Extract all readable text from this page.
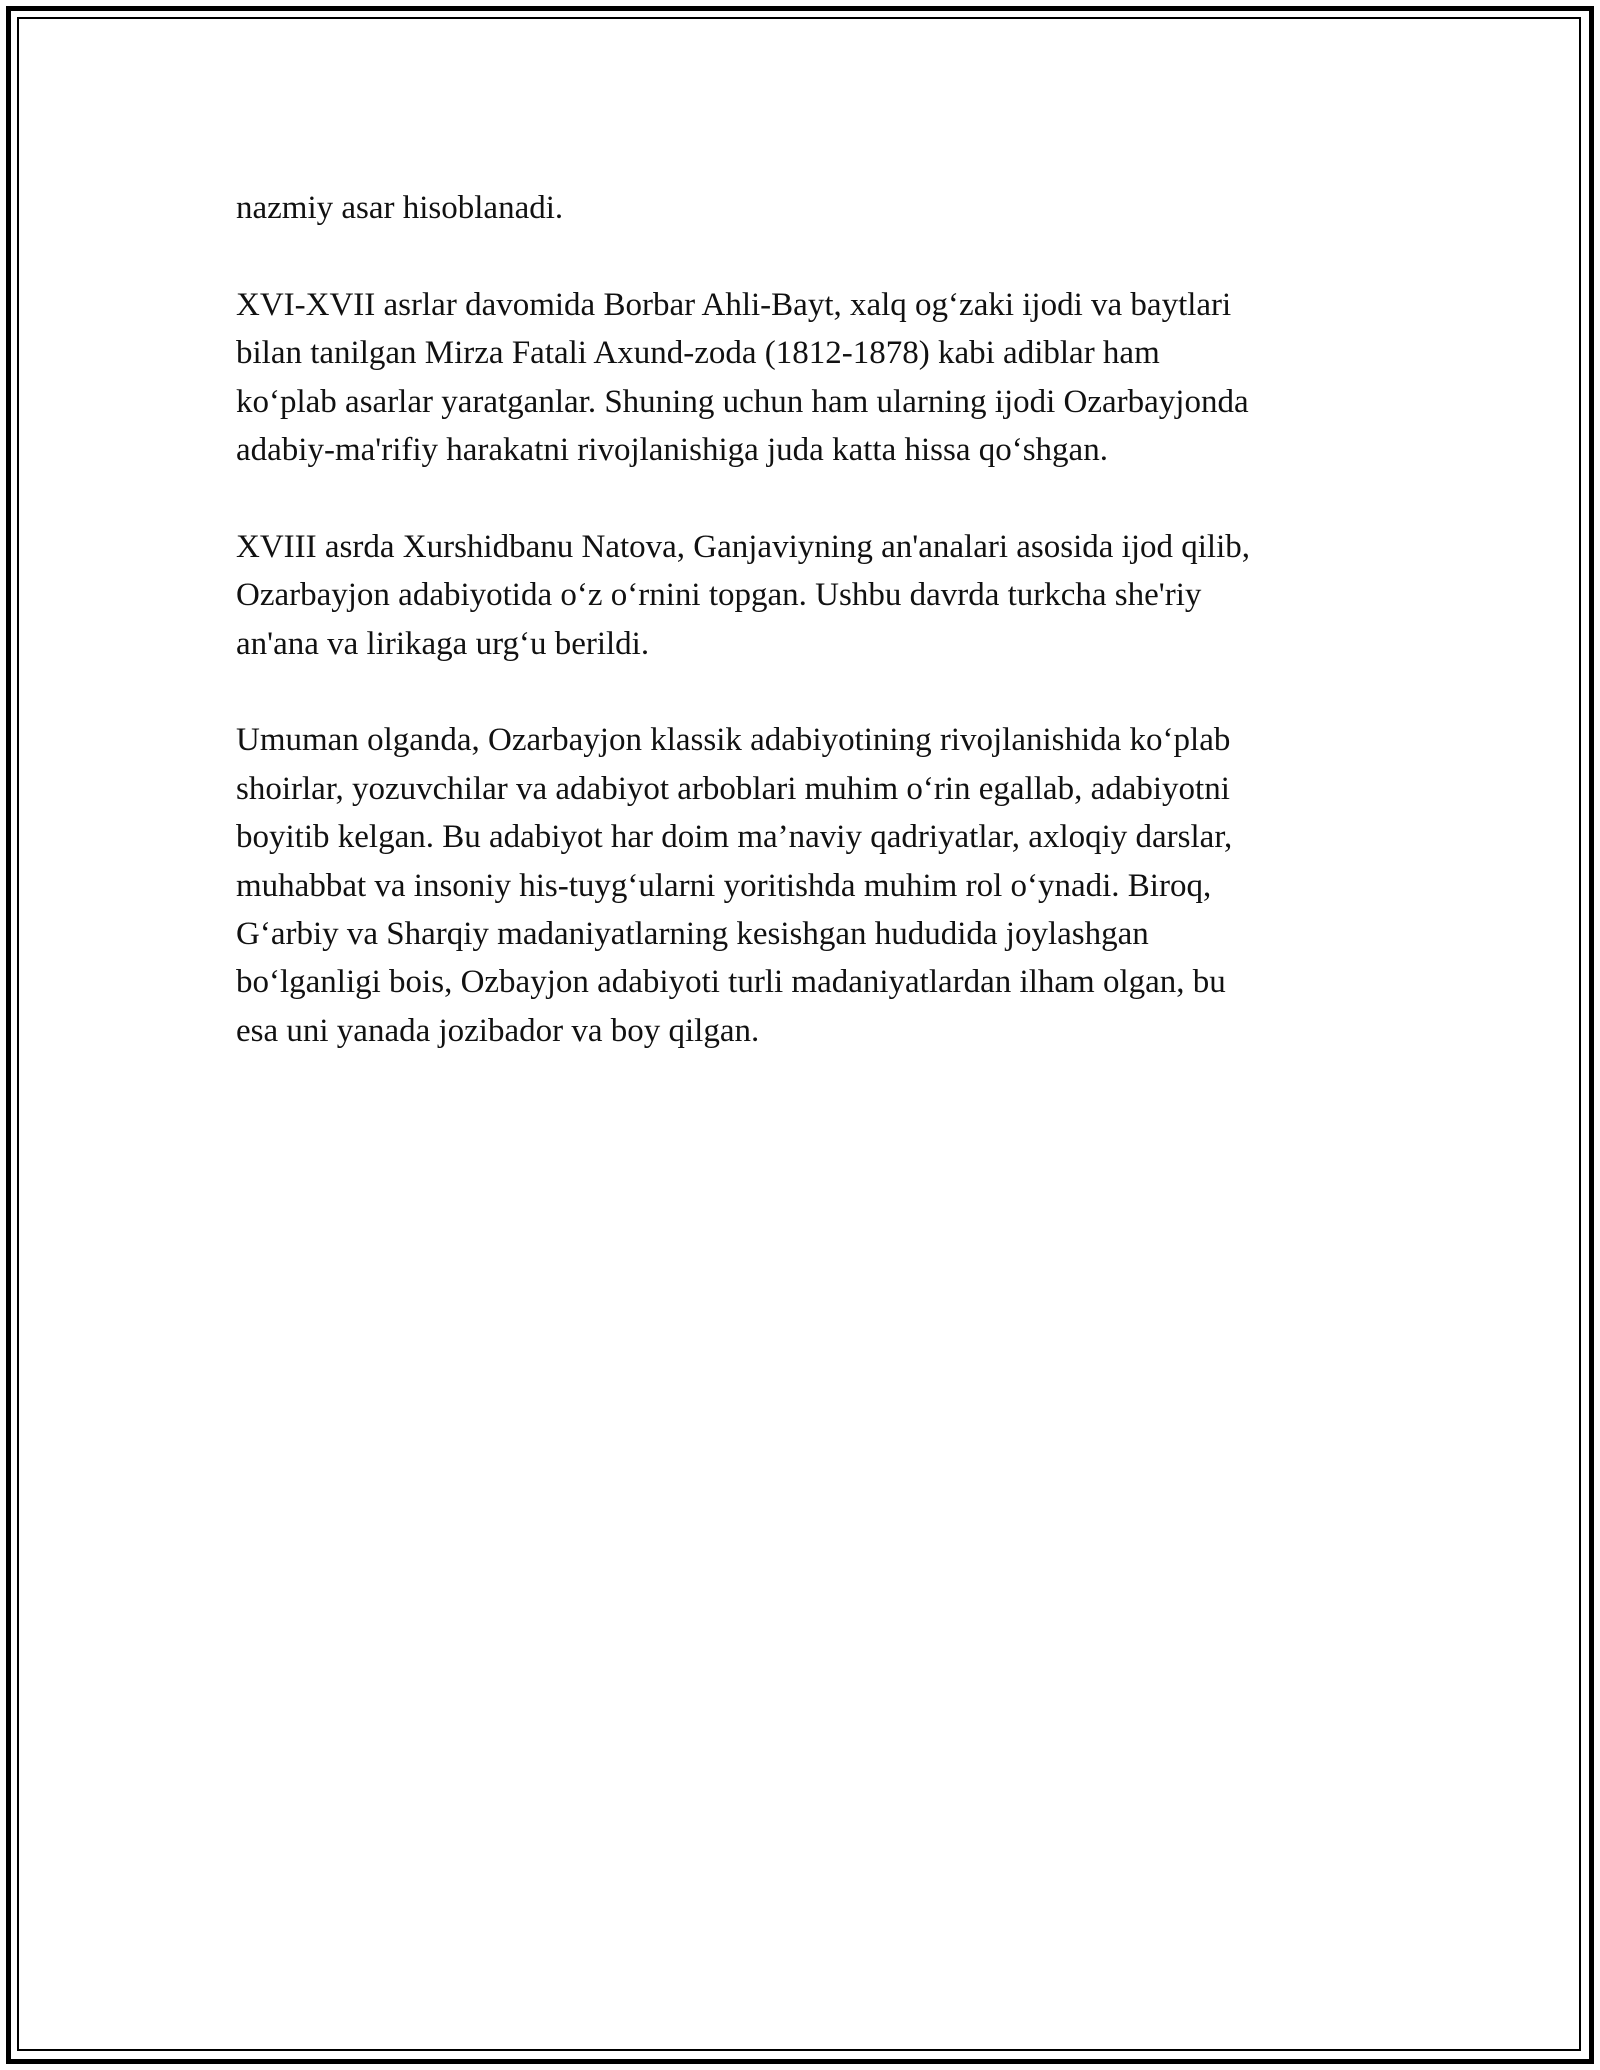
nazmiy asar hisoblanadi.

XVI-XVII asrlar davomida Borbar Ahli-Bayt, xalq og‘zaki ijodi va baytlari
bilan tanilgan Mirza Fatali Axund-zoda (1812-1878) kabi adiblar ham
ko‘plab asarlar yaratganlar. Shuning uchun ham ularning ijodi Ozarbayjonda
adabiy-ma'rifiy harakatni rivojlanishiga juda katta hissa qo‘shgan.

XVIII asrda Xurshidbanu Natova, Ganjaviyning an'analari asosida ijod qilib,
Ozarbayjon adabiyotida o‘z o‘rnini topgan. Ushbu davrda turkcha she'riy
an'ana va lirikaga urg‘u berildi.

Umuman olganda, Ozarbayjon klassik adabiyotining rivojlanishida ko‘plab
shoirlar, yozuvchilar va adabiyot arboblari muhim o‘rin egallab, adabiyotni
boyitib kelgan. Bu adabiyot har doim ma’naviy qadriyatlar, axloqiy darslar,
muhabbat va insoniy his-tuyg‘ularni yoritishda muhim rol o‘ynadi. Biroq,
G‘arbiy va Sharqiy madaniyatlarning kesishgan hududida joylashgan
bo‘lganligi bois, Ozbayjon adabiyoti turli madaniyatlardan ilham olgan, bu
esa uni yanada jozibador va boy qilgan.
